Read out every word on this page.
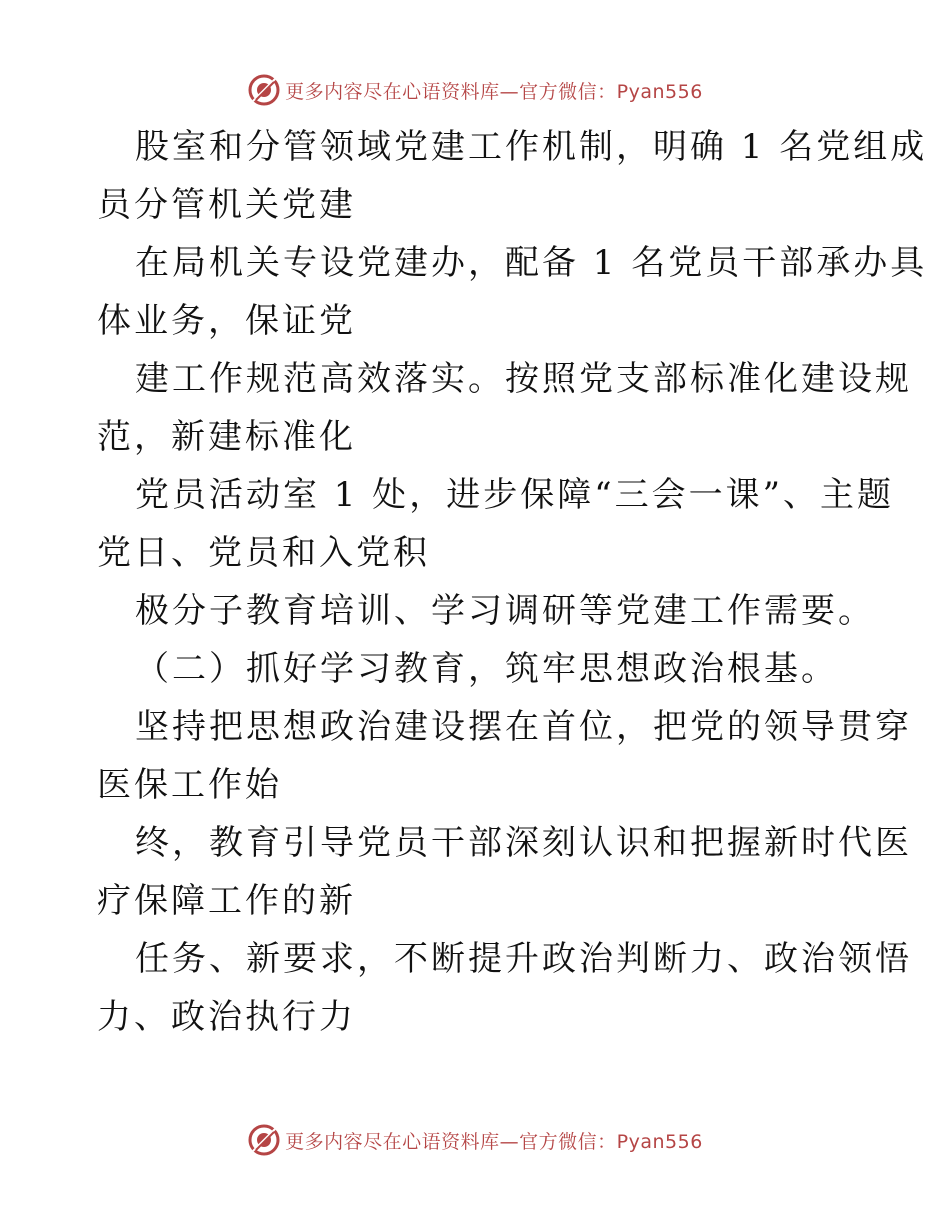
更多内容尽在心语资料库—官方微信：Pyan556
股室和分管领域党建工作机制，明确 1 名党组成
员分管机关党建
在局机关专设党建办，配备 1 名党员干部承办具
体业务，保证党
建工作规范高效落实。按照党支部标准化建设规
范，新建标准化
党员活动室 1 处，进步保障“三会一课”、主题
党日、党员和入党积
极分子教育培训、学习调研等党建工作需要。
（二）抓好学习教育，筑牢思想政治根基。
坚持把思想政治建设摆在首位，把党的领导贯穿
医保工作始
终，教育引导党员干部深刻认识和把握新时代医
疗保障工作的新
任务、新要求，不断提升政治判断力、政治领悟
力、政治执行力
更多内容尽在心语资料库—官方微信：Pyan556
